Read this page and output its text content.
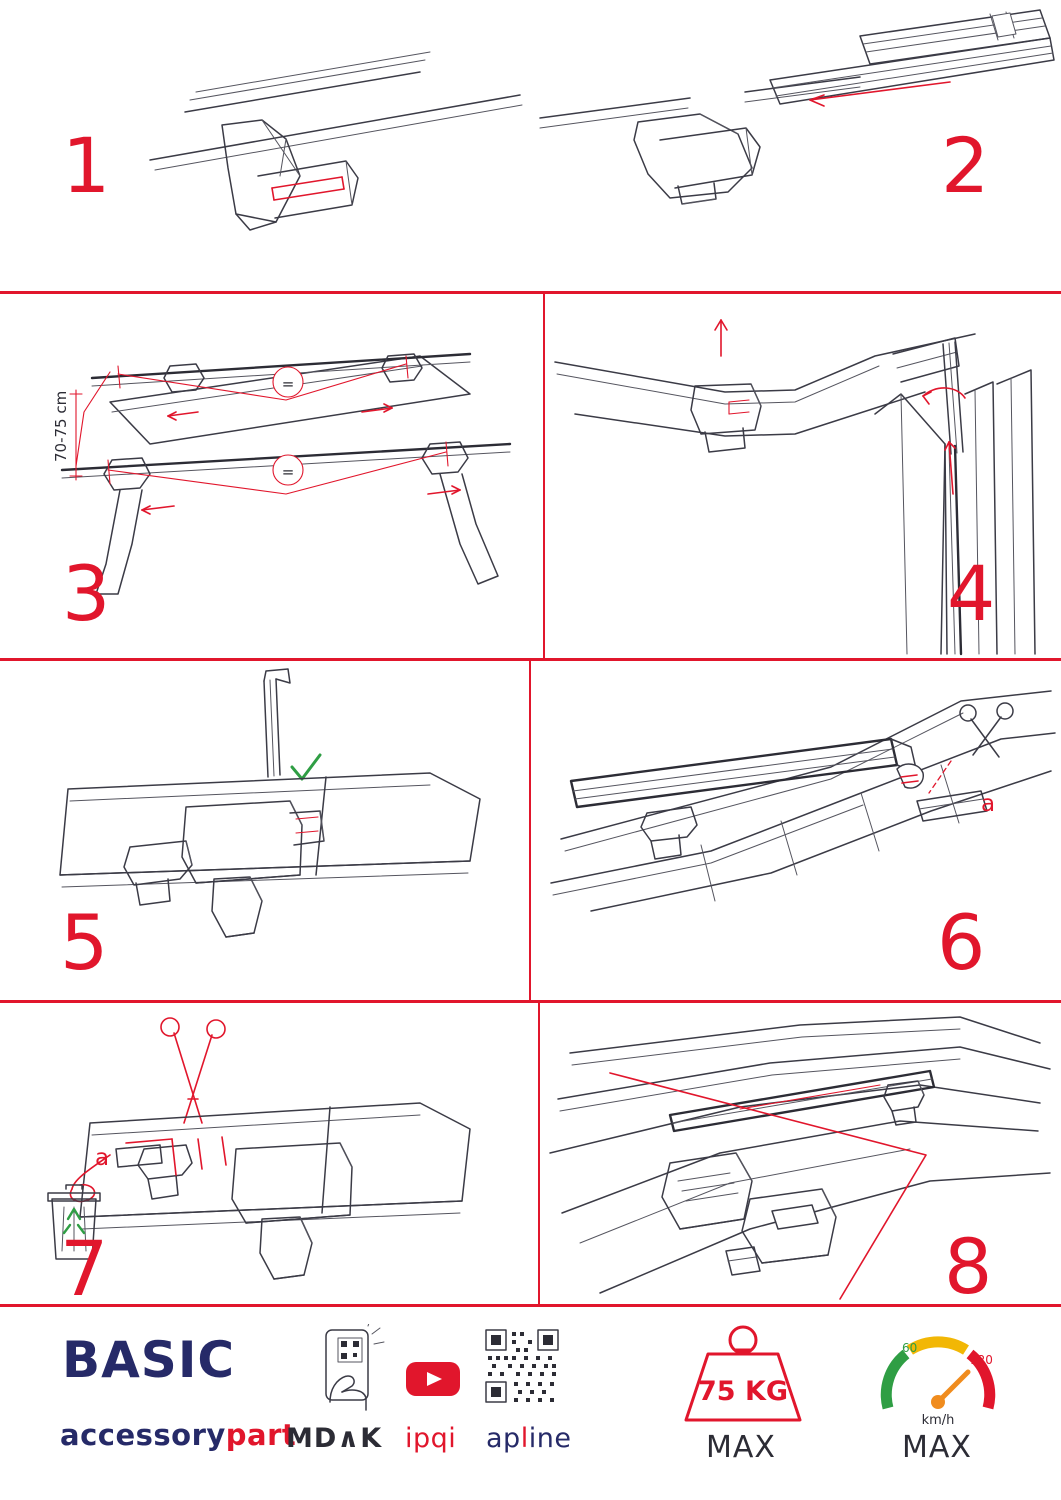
1	2
=
=
70-75 cm
3	4
5
a
6
a
7	8
BASIC
accessorypart
MD∧K ipqi apline
75 KG
60
120
km/h
MAX	MAX
